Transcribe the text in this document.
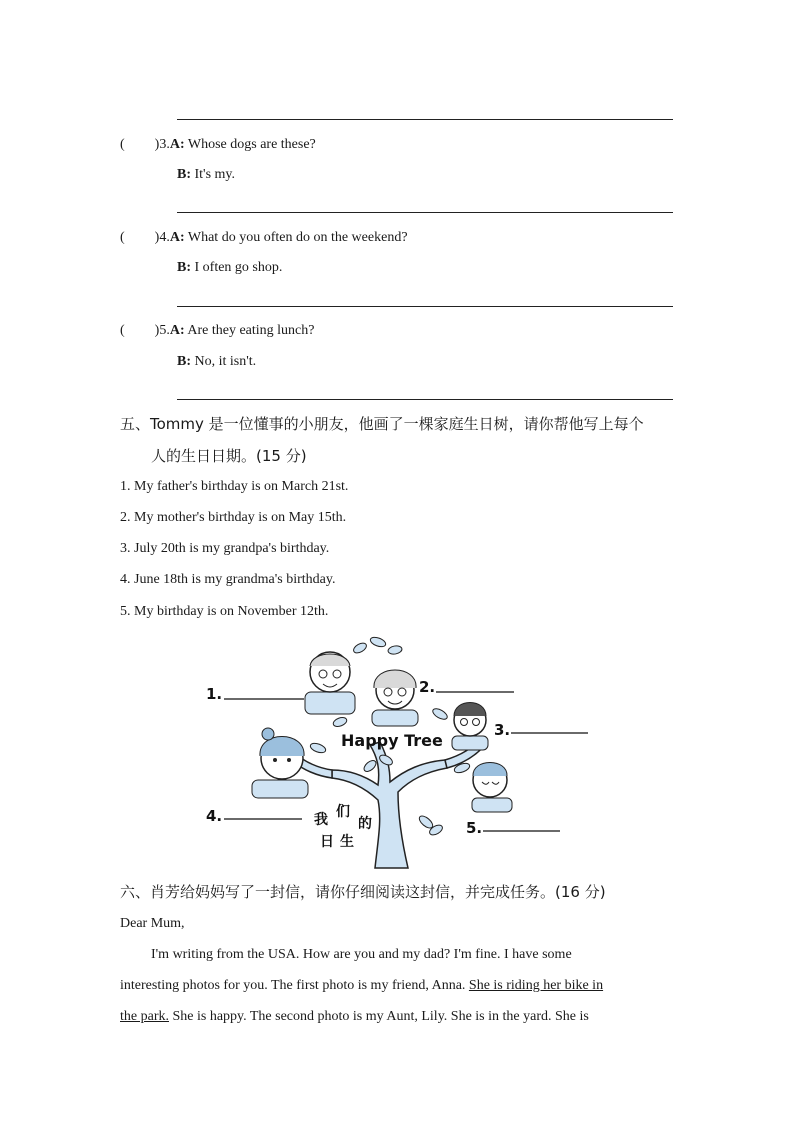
( )3.A: Whose dogs are these?
B: It's my.
( )4.A: What do you often do on the weekend?
B: I often go shop.
( )5.A: Are they eating lunch?
B: No, it isn't.
五、Tommy 是一位懂事的小朋友，他画了一棵家庭生日树，请你帮他写上每个
人的生日日期。(15 分)
1. My father's birthday is on March 21st.
2. My mother's birthday is on May 15th.
3. July 20th is my grandpa's birthday.
4. June 18th is my grandma's birthday.
5. My birthday is on November 12th.
Happy Tree
我 们
的
日 生
1.	2.
3.
4.
5.
六、肖芳给妈妈写了一封信，请你仔细阅读这封信，并完成任务。(16 分)
Dear Mum,
I'm writing from the USA. How are you and my dad? I'm fine. I have some
interesting photos for you. The first photo is my friend, Anna. She is riding her bike in
the park. She is happy. The second photo is my Aunt, Lily. She is in the yard. She is
